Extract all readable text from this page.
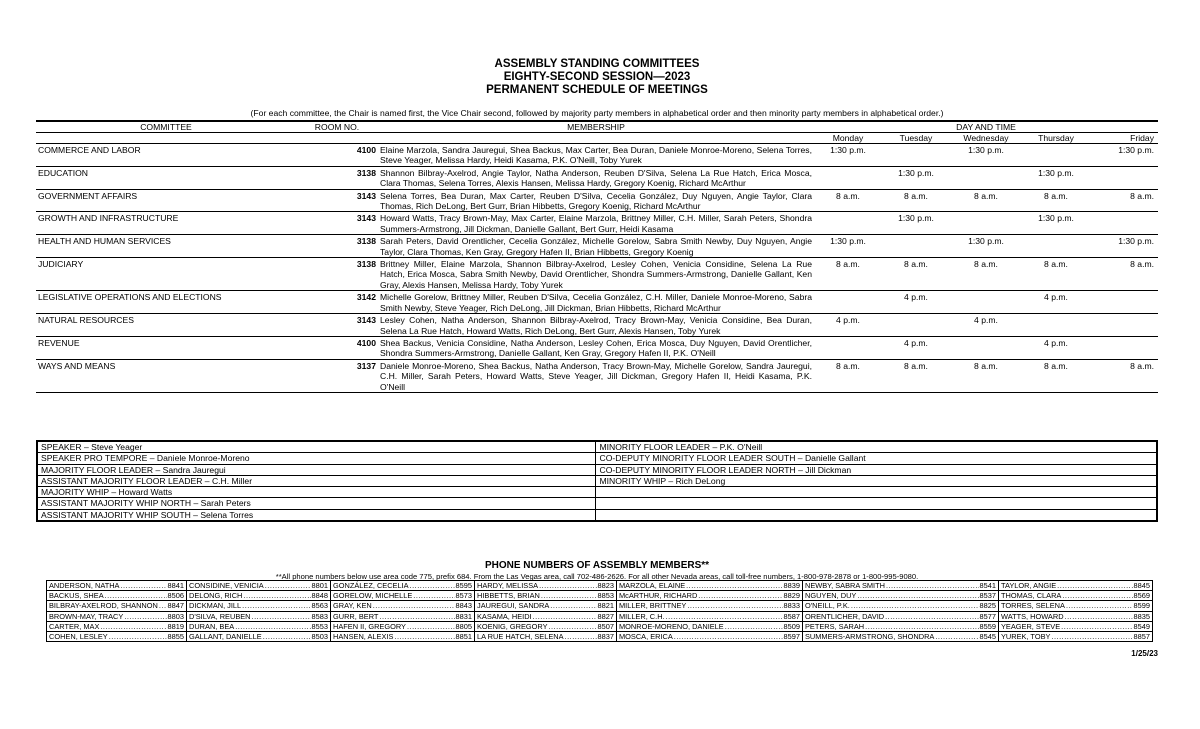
ASSEMBLY STANDING COMMITTEES
EIGHTY-SECOND SESSION—2023
PERMANENT SCHEDULE OF MEETINGS
(For each committee, the Chair is named first, the Vice Chair second, followed by majority party members in alphabetical order and then minority party members in alphabetical order.)
COMMITTEE	ROOM NO.	MEMBERSHIP	DAY AND TIME				
			Monday	Tuesday	Wednesday	Thursday	Friday
COMMERCE AND LABOR	4100	Elaine Marzola, Sandra Jauregui, Shea Backus, Max Carter, Bea Duran, Daniele Monroe-Moreno, Selena Torres, Steve Yeager, Melissa Hardy, Heidi Kasama, P.K. O'Neill, Toby Yurek	1:30 p.m.		1:30 p.m.		1:30 p.m.
EDUCATION	3138	Shannon Bilbray-Axelrod, Angie Taylor, Natha Anderson, Reuben D'Silva, Selena La Rue Hatch, Erica Mosca, Clara Thomas, Selena Torres, Alexis Hansen, Melissa Hardy, Gregory Koenig, Richard McArthur		1:30 p.m.		1:30 p.m.	
GOVERNMENT AFFAIRS	3143	Selena Torres, Bea Duran, Max Carter, Reuben D'Silva, Cecelia González, Duy Nguyen, Angie Taylor, Clara Thomas, Rich DeLong, Bert Gurr, Brian Hibbetts, Gregory Koenig, Richard McArthur	8 a.m.	8 a.m.	8 a.m.	8 a.m.	8 a.m.
GROWTH AND INFRASTRUCTURE	3143	Howard Watts, Tracy Brown-May, Max Carter, Elaine Marzola, Brittney Miller, C.H. Miller, Sarah Peters, Shondra Summers-Armstrong, Jill Dickman, Danielle Gallant, Bert Gurr, Heidi Kasama		1:30 p.m.		1:30 p.m.	
HEALTH AND HUMAN SERVICES	3138	Sarah Peters, David Orentlicher, Cecelia González, Michelle Gorelow, Sabra Smith Newby, Duy Nguyen, Angie Taylor, Clara Thomas, Ken Gray, Gregory Hafen II, Brian Hibbetts, Gregory Koenig	1:30 p.m.		1:30 p.m.		1:30 p.m.
JUDICIARY	3138	Brittney Miller, Elaine Marzola, Shannon Bilbray-Axelrod, Lesley Cohen, Venicia Considine, Selena La Rue Hatch, Erica Mosca, Sabra Smith Newby, David Orentlicher, Shondra Summers-Armstrong, Danielle Gallant, Ken Gray, Alexis Hansen, Melissa Hardy, Toby Yurek	8 a.m.	8 a.m.	8 a.m.	8 a.m.	8 a.m.
LEGISLATIVE OPERATIONS AND ELECTIONS	3142	Michelle Gorelow, Brittney Miller, Reuben D'Silva, Cecelia González, C.H. Miller, Daniele Monroe-Moreno, Sabra Smith Newby, Steve Yeager, Rich DeLong, Jill Dickman, Brian Hibbetts, Richard McArthur		4 p.m.		4 p.m.	
NATURAL RESOURCES	3143	Lesley Cohen, Natha Anderson, Shannon Bilbray-Axelrod, Tracy Brown-May, Venicia Considine, Bea Duran, Selena La Rue Hatch, Howard Watts, Rich DeLong, Bert Gurr, Alexis Hansen, Toby Yurek	4 p.m.		4 p.m.		
REVENUE	4100	Shea Backus, Venicia Considine, Natha Anderson, Lesley Cohen, Erica Mosca, Duy Nguyen, David Orentlicher, Shondra Summers-Armstrong, Danielle Gallant, Ken Gray, Gregory Hafen II, P.K. O'Neill		4 p.m.		4 p.m.	
WAYS AND MEANS	3137	Daniele Monroe-Moreno, Shea Backus, Natha Anderson, Tracy Brown-May, Michelle Gorelow, Sandra Jauregui, C.H. Miller, Sarah Peters, Howard Watts, Steve Yeager, Jill Dickman, Gregory Hafen II, Heidi Kasama, P.K. O'Neill	8 a.m.	8 a.m.	8 a.m.	8 a.m.	8 a.m.
SPEAKER – Steve Yeager	MINORITY FLOOR LEADER – P.K. O'Neill
SPEAKER PRO TEMPORE – Daniele Monroe-Moreno	CO-DEPUTY MINORITY FLOOR LEADER SOUTH – Danielle Gallant
MAJORITY FLOOR LEADER – Sandra Jauregui	CO-DEPUTY MINORITY FLOOR LEADER NORTH – Jill Dickman
ASSISTANT MAJORITY FLOOR LEADER – C.H. Miller	MINORITY WHIP – Rich DeLong
MAJORITY WHIP – Howard Watts	
ASSISTANT MAJORITY WHIP NORTH – Sarah Peters	
ASSISTANT MAJORITY WHIP SOUTH – Selena Torres	
PHONE NUMBERS OF ASSEMBLY MEMBERS**
**All phone numbers below use area code 775, prefix 684. From the Las Vegas area, call 702-486-2626. For all other Nevada areas, call toll-free numbers, 1-800-978-2878 or 1-800-995-9080.
ANDERSON, NATHA ..... 8841	CONSIDINE, VENICIA ..... 8801	GONZÁLEZ, CECELIA ..... 8595	HARDY, MELISSA ..... 8823	MARZOLA, ELAINE ..... 8839	NEWBY, SABRA SMITH ..... 8541	TAYLOR, ANGIE ..... 8845

BACKUS, SHEA ..... 8506	DELONG, RICH ..... 8848	GORELOW, MICHELLE ..... 8573	HIBBETTS, BRIAN ..... 8853	McARTHUR, RICHARD ..... 8829	NGUYEN, DUY ..... 8537	THOMAS, CLARA ..... 8569

BILBRAY-AXELROD, SHANNON ..... 8847	DICKMAN, JILL ..... 8563	GRAY, KEN ..... 8843	JAUREGUI, SANDRA ..... 8821	MILLER, BRITTNEY ..... 8833	O'NEILL, P.K. ..... 8825	TORRES, SELENA ..... 8599

BROWN-MAY, TRACY ..... 8803	D'SILVA, REUBEN ..... 8583	GURR, BERT ..... 8831	KASAMA, HEIDI ..... 8827	MILLER, C.H. ..... 8587	ORENTLICHER, DAVID ..... 8577	WATTS, HOWARD ..... 8835

CARTER, MAX ..... 8819	DURAN, BEA ..... 8553	HAFEN II, GREGORY ..... 8805	KOENIG, GREGORY ..... 8507	MONROE-MORENO, DANIELE ..... 8509	PETERS, SARAH ..... 8559	YEAGER, STEVE ..... 8549

COHEN, LESLEY ..... 8855	GALLANT, DANIELLE ..... 8503	HANSEN, ALEXIS ..... 8851	LA RUE HATCH, SELENA ..... 8837	MOSCA, ERICA ..... 8597	SUMMERS-ARMSTRONG, SHONDRA ..... 8545	YUREK, TOBY ..... 8857
1/25/23
